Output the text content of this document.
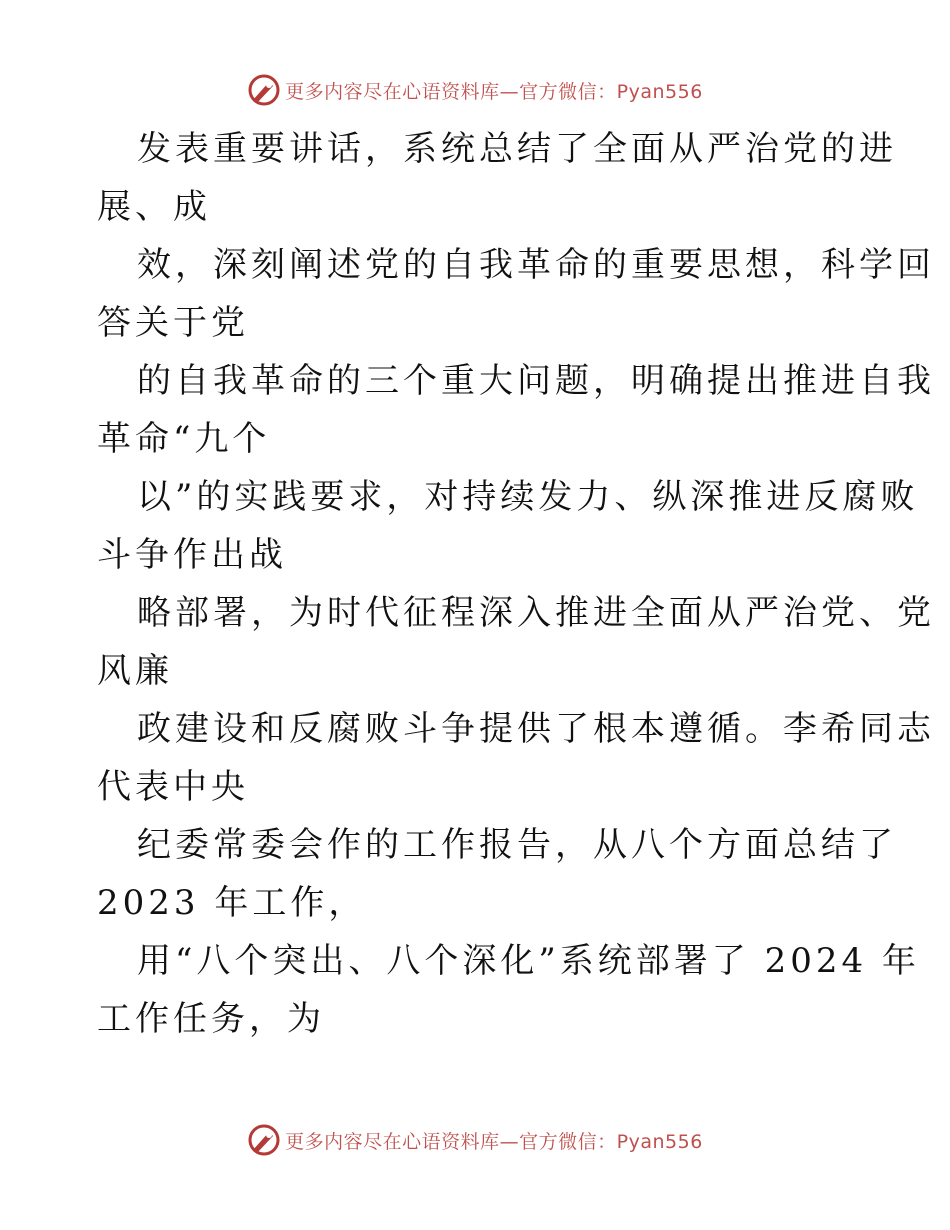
更多内容尽在心语资料库—官方微信：Pyan556
发表重要讲话，系统总结了全面从严治党的进
展、成
效，深刻阐述党的自我革命的重要思想，科学回
答关于党
的自我革命的三个重大问题，明确提出推进自我
革命“九个
以”的实践要求，对持续发力、纵深推进反腐败
斗争作出战
略部署，为时代征程深入推进全面从严治党、党
风廉
政建设和反腐败斗争提供了根本遵循。李希同志
代表中央
纪委常委会作的工作报告，从八个方面总结了
2023 年工作，
用“八个突出、八个深化”系统部署了 2024 年
工作任务，为
更多内容尽在心语资料库—官方微信：Pyan556
